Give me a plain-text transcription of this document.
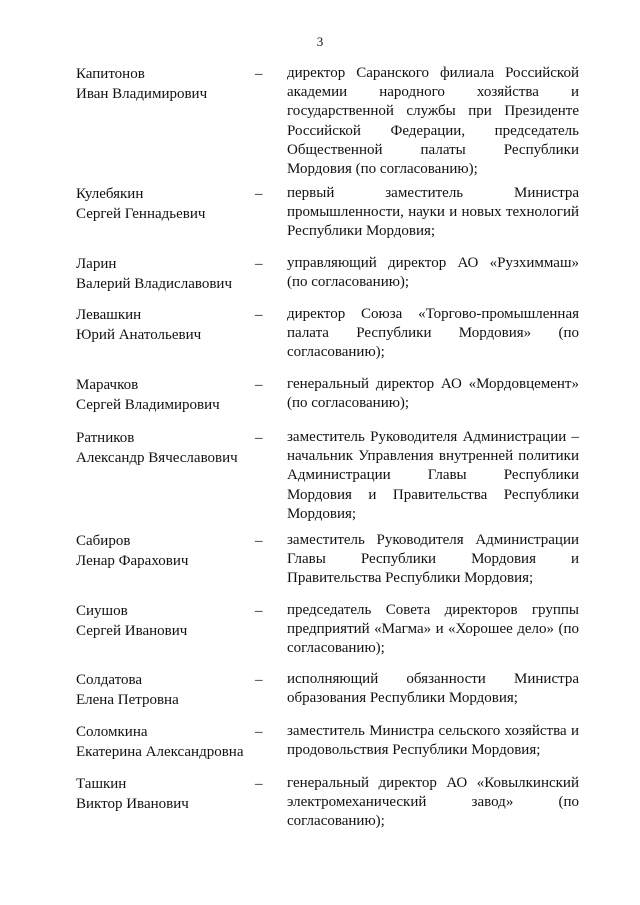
3
Капитонов
Иван Владимирович
– директор Саранского филиала Российской академии народного хозяйства и государственной службы при Президенте Российской Федерации, председатель Общественной палаты Республики Мордовия (по согласованию);
Кулебякин
Сергей Геннадьевич
– первый заместитель Министра промышленности, науки и новых технологий Республики Мордовия;
Ларин
Валерий Владиславович
– управляющий директор АО «Рузхиммаш» (по согласованию);
Левашкин
Юрий Анатольевич
– директор Союза «Торгово-промышленная палата Республики Мордовия» (по согласованию);
Марачков
Сергей Владимирович
– генеральный директор АО «Мордовцемент» (по согласованию);
Ратников
Александр Вячеславович
– заместитель Руководителя Администрации – начальник Управления внутренней политики Администрации Главы Республики Мордовия и Правительства Республики Мордовия;
Сабиров
Ленар Фарахович
– заместитель Руководителя Администрации Главы Республики Мордовия и Правительства Республики Мордовия;
Сиушов
Сергей Иванович
– председатель Совета директоров группы предприятий «Магма» и «Хорошее дело» (по согласованию);
Солдатова
Елена Петровна
– исполняющий обязанности Министра образования Республики Мордовия;
Соломкина
Екатерина Александровна
– заместитель Министра сельского хозяйства и продовольствия Республики Мордовия;
Ташкин
Виктор Иванович
– генеральный директор АО «Ковылкинский электромеханический завод» (по согласованию);
